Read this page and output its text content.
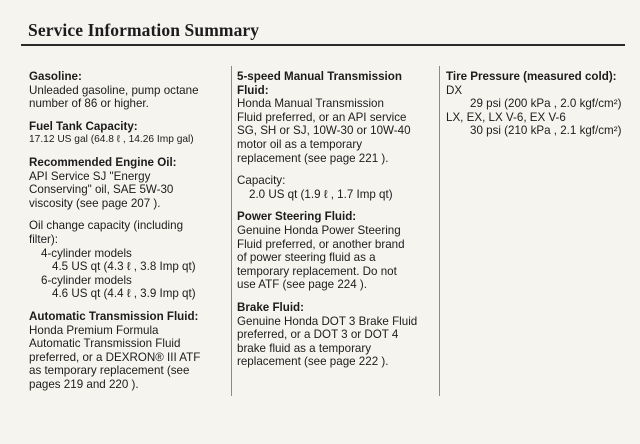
Service Information Summary
Gasoline:
Unleaded gasoline, pump octane
number of 86 or higher.
Fuel Tank Capacity:
17.12 US gal (64.8 ℓ , 14.26 Imp gal)
Recommended Engine Oil:
API Service SJ "Energy
Conserving" oil, SAE 5W-30
viscosity (see page 207 ).
Oil change capacity (including
filter):
4-cylinder models
4.5 US qt (4.3 ℓ , 3.8 Imp qt)
6-cylinder models
4.6 US qt (4.4 ℓ , 3.9 Imp qt)
Automatic Transmission Fluid:
Honda Premium Formula
Automatic Transmission Fluid
preferred, or a DEXRON® III ATF
as temporary replacement (see
pages 219 and 220 ).
5-speed Manual Transmission
Fluid:
Honda Manual Transmission
Fluid preferred, or an API service
SG, SH or SJ, 10W-30 or 10W-40
motor oil as a temporary
replacement (see page 221 ).
Capacity:
2.0 US qt (1.9 ℓ , 1.7 Imp qt)
Power Steering Fluid:
Genuine Honda Power Steering
Fluid preferred, or another brand
of power steering fluid as a
temporary replacement. Do not
use ATF (see page 224 ).
Brake Fluid:
Genuine Honda DOT 3 Brake Fluid
preferred, or a DOT 3 or DOT 4
brake fluid as a temporary
replacement (see page 222 ).
Tire Pressure (measured cold):
DX
29 psi (200 kPa , 2.0 kgf/cm²)
LX, EX, LX V-6, EX V-6
30 psi (210 kPa , 2.1 kgf/cm²)
